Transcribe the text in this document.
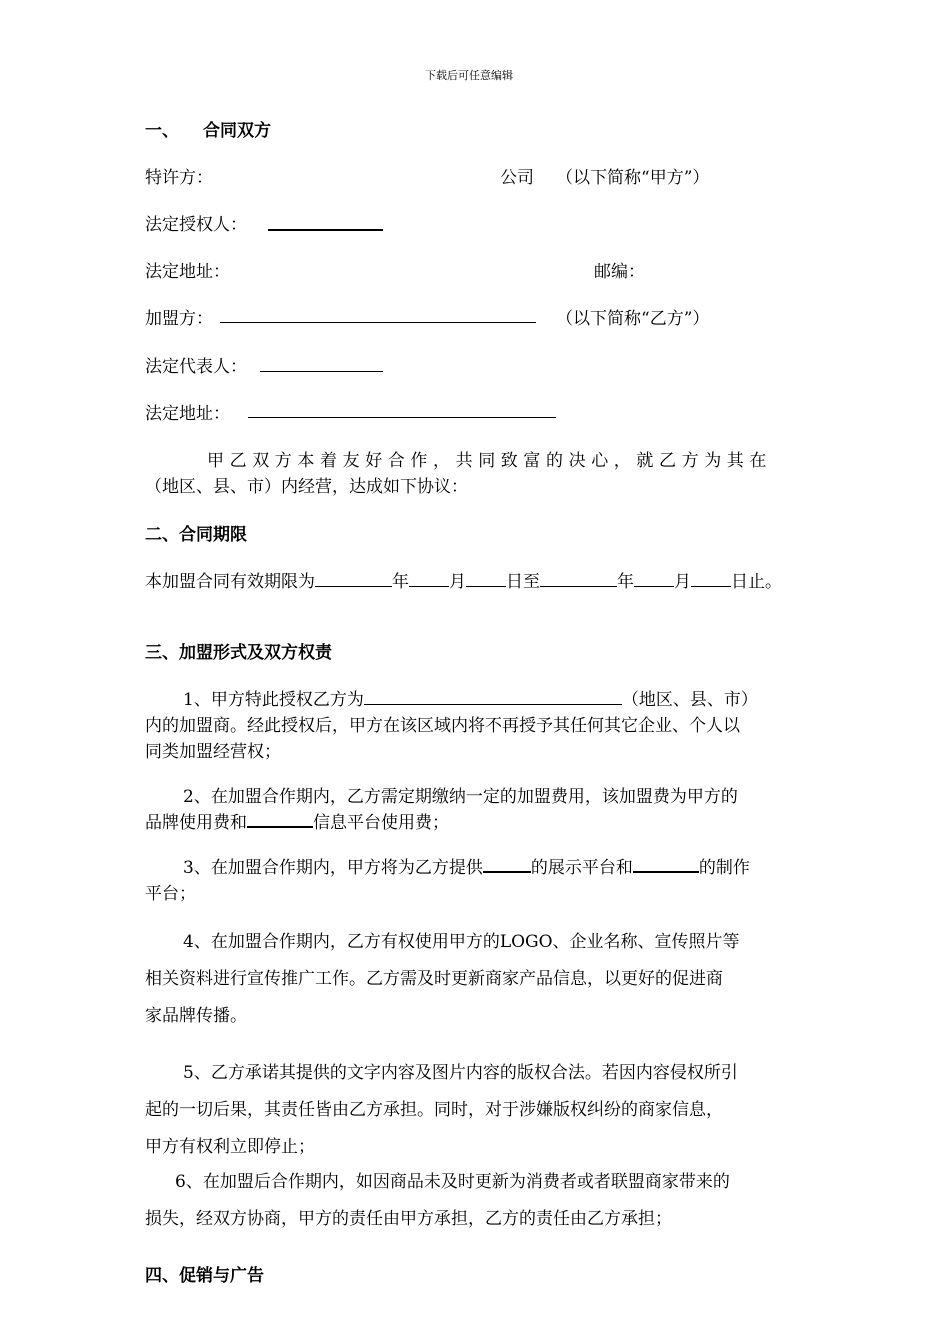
下载后可任意编辑
一、 合同双方
特许方：	公司 （以下简称“甲方”）
法定授权人：
法定地址：	邮编：
加盟方：	（以下简称“乙方”）
法定代表人：
法定地址：
甲乙双方本着友好合作，共同致富的决心，就乙方为其在
（地区、县、市）内经营，达成如下协议：
二、合同期限
本加盟合同有效期限为	年 月 日至	年 月 日止。
三、加盟形式及双方权责
1、甲方特此授权乙方为	（地区、县、市）
内的加盟商。经此授权后，甲方在该区域内将不再授予其任何其它企业、个人以
同类加盟经营权；
2、在加盟合作期内，乙方需定期缴纳一定的加盟费用，该加盟费为甲方的
品牌使用费和	信息平台使用费；
3、在加盟合作期内，甲方将为乙方提供	的展示平台和	的制作
平台；
4、在加盟合作期内，乙方有权使用甲方的LOGO、企业名称、宣传照片等
相关资料进行宣传推广工作。乙方需及时更新商家产品信息，以更好的促进商
家品牌传播。
5、乙方承诺其提供的文字内容及图片内容的版权合法。若因内容侵权所引
起的一切后果，其责任皆由乙方承担。同时，对于涉嫌版权纠纷的商家信息，
甲方有权利立即停止；
6、在加盟后合作期内，如因商品未及时更新为消费者或者联盟商家带来的
损失，经双方协商，甲方的责任由甲方承担，乙方的责任由乙方承担；
四、促销与广告
